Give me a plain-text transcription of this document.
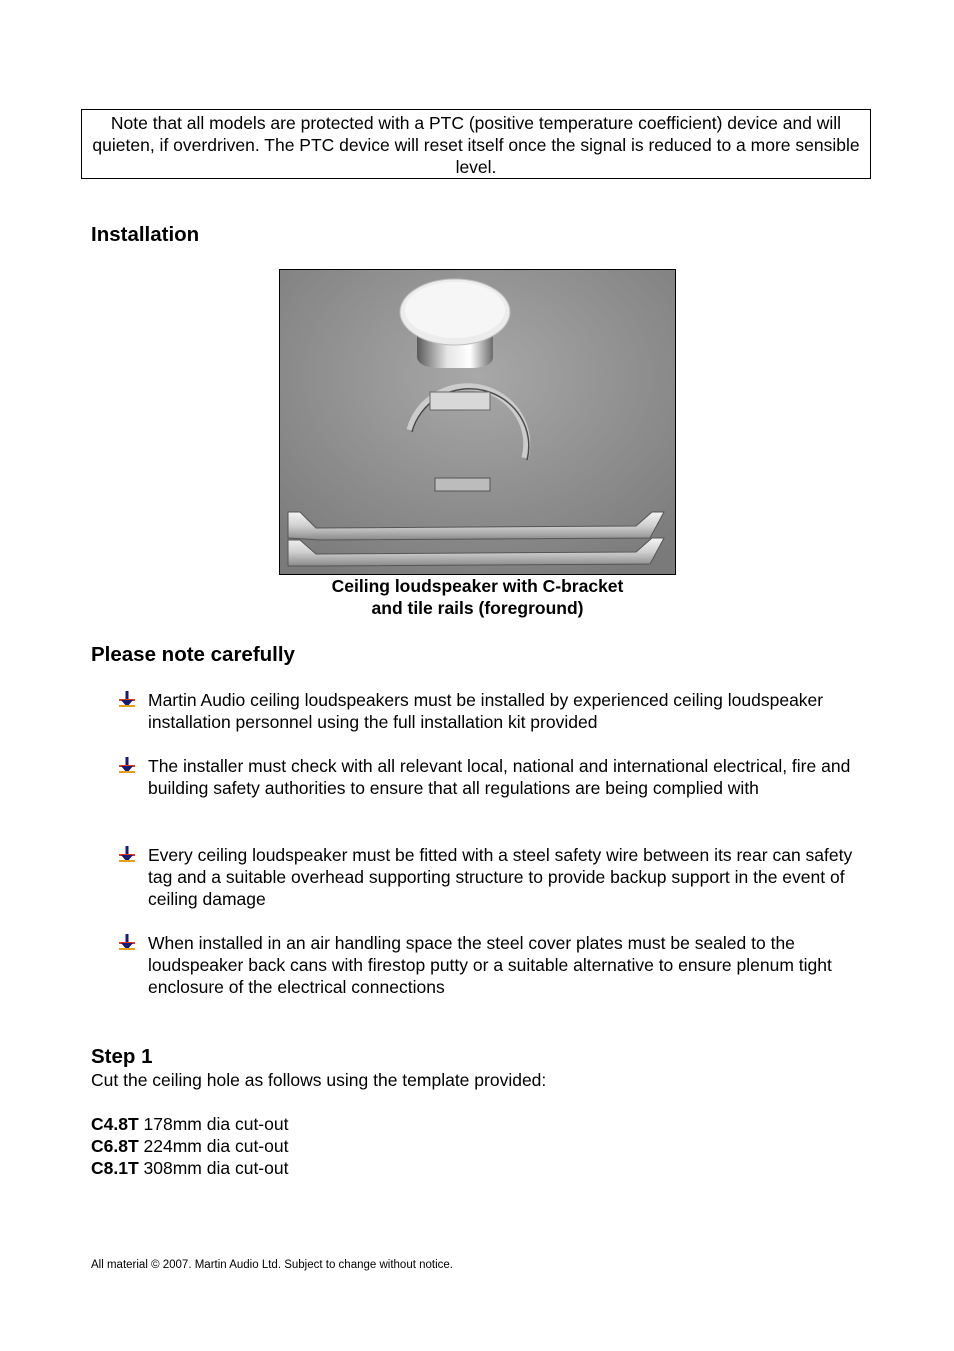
Note that all models are protected with a PTC (positive temperature coefficient) device and will quieten, if overdriven. The PTC device will reset itself once the signal is reduced to a more sensible level.
Installation
Ceiling loudspeaker with C-bracket
and tile rails (foreground)
Please note carefully
Martin Audio ceiling loudspeakers must be installed by experienced ceiling loudspeaker installation personnel using the full installation kit provided
The installer must check with all relevant local, national and international electrical, fire and building safety authorities to ensure that all regulations are being complied with
Every ceiling loudspeaker must be fitted with a steel safety wire between its rear can safety tag and a suitable overhead supporting structure to provide backup support in the event of ceiling damage
When installed in an air handling space the steel cover plates must be sealed to the loudspeaker back cans with firestop putty or a suitable alternative to ensure plenum tight enclosure of the electrical connections
Step 1
Cut the ceiling hole as follows using the template provided:
C4.8T 178mm dia cut-out
C6.8T 224mm dia cut-out
C8.1T 308mm dia cut-out
All material © 2007. Martin Audio Ltd. Subject to change without notice.
